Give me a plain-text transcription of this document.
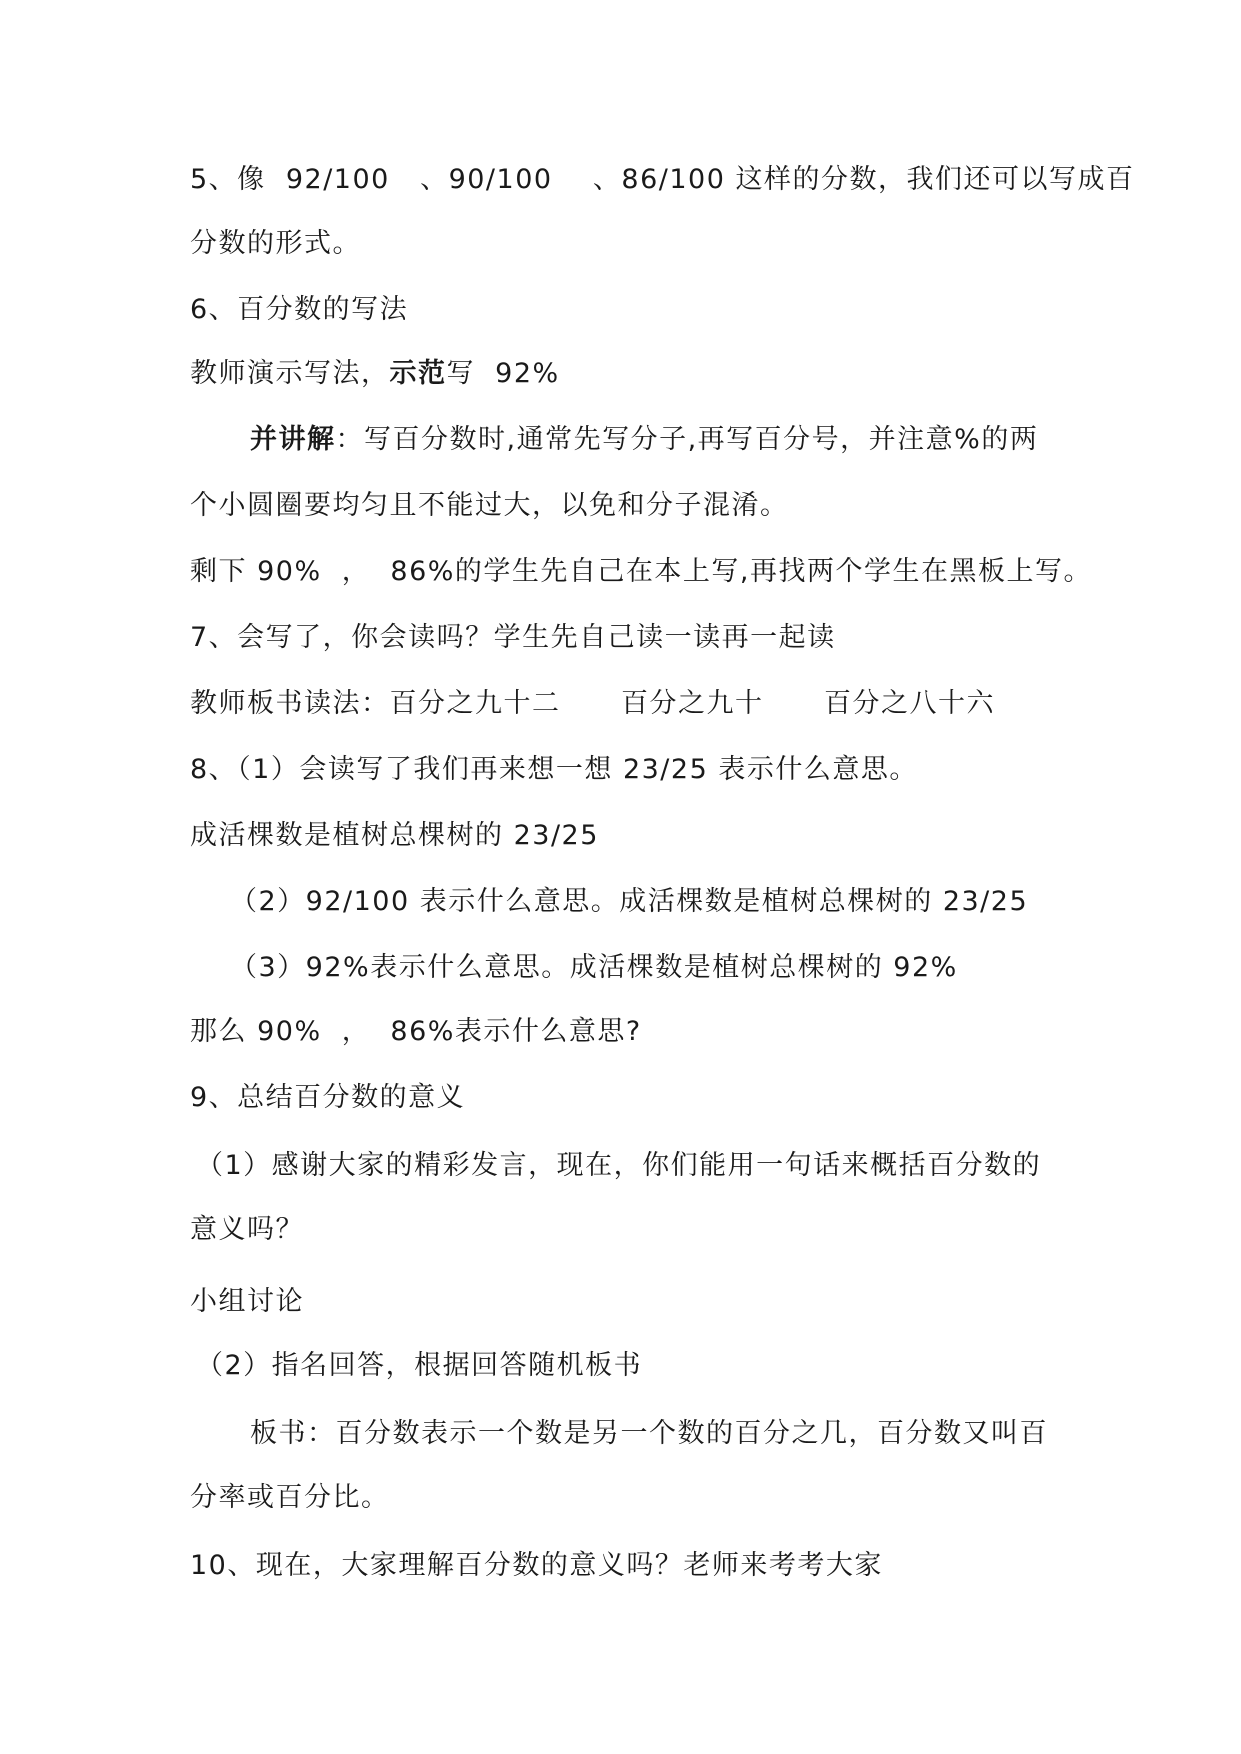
5、像  92/100   、90/100    、86/100 这样的分数，我们还可以写成百
分数的形式。
6、百分数的写法
教师演示写法，示范写  92%
并讲解：写百分数时,通常先写分子,再写百分号，并注意%的两
个小圆圈要均匀且不能过大，以免和分子混淆。
剩下 90%  ，  86%的学生先自己在本上写,再找两个学生在黑板上写。
7、会写了，你会读吗？学生先自己读一读再一起读
教师板书读法：百分之九十二      百分之九十      百分之八十六
8、（1）会读写了我们再来想一想 23/25 表示什么意思。
成活棵数是植树总棵树的 23/25
（2）92/100 表示什么意思。成活棵数是植树总棵树的 23/25
（3）92%表示什么意思。成活棵数是植树总棵树的 92%
那么 90%  ，  86%表示什么意思?
9、总结百分数的意义
（1）感谢大家的精彩发言，现在，你们能用一句话来概括百分数的
意义吗？
小组讨论
（2）指名回答，根据回答随机板书
板书：百分数表示一个数是另一个数的百分之几，百分数又叫百
分率或百分比。
10、现在，大家理解百分数的意义吗？老师来考考大家
